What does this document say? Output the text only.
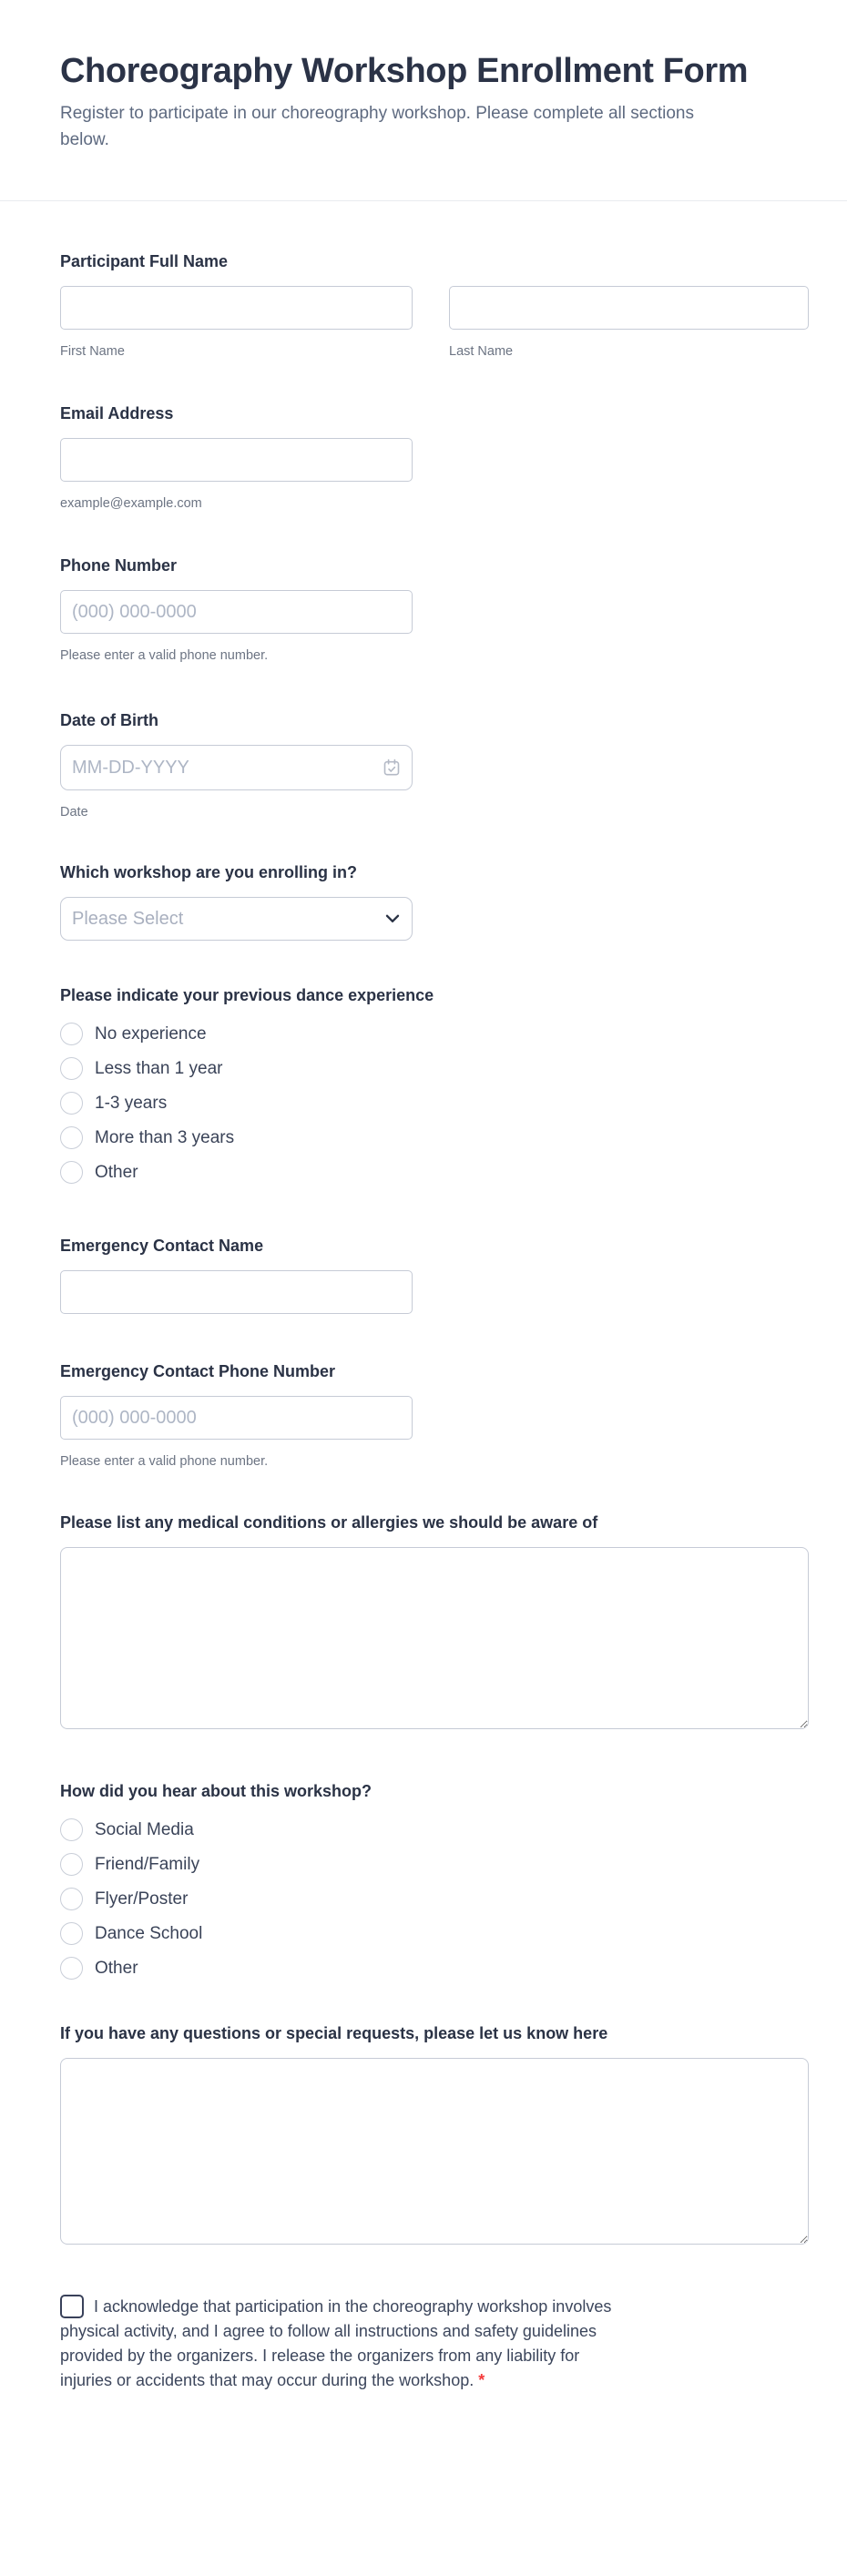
Choreography Workshop Enrollment Form
Register to participate in our choreography workshop. Please complete all sections
below.
Participant Full Name
First Name	Last Name
Email Address
example@example.com
Phone Number
(000) 000-0000
Please enter a valid phone number.
Date of Birth
MM-DD-YYYY
Date
Which workshop are you enrolling in?
Please Select
Please indicate your previous dance experience
No experience
Less than 1 year
1-3 years
More than 3 years
Other
Emergency Contact Name
Emergency Contact Phone Number
(000) 000-0000
Please enter a valid phone number.
Please list any medical conditions or allergies we should be aware of
How did you hear about this workshop?
Social Media
Friend/Family
Flyer/Poster
Dance School
Other
If you have any questions or special requests, please let us know here
I acknowledge that participation in the choreography workshop involves
physical activity, and I agree to follow all instructions and safety guidelines
provided by the organizers. I release the organizers from any liability for
injuries or accidents that may occur during the workshop. *
